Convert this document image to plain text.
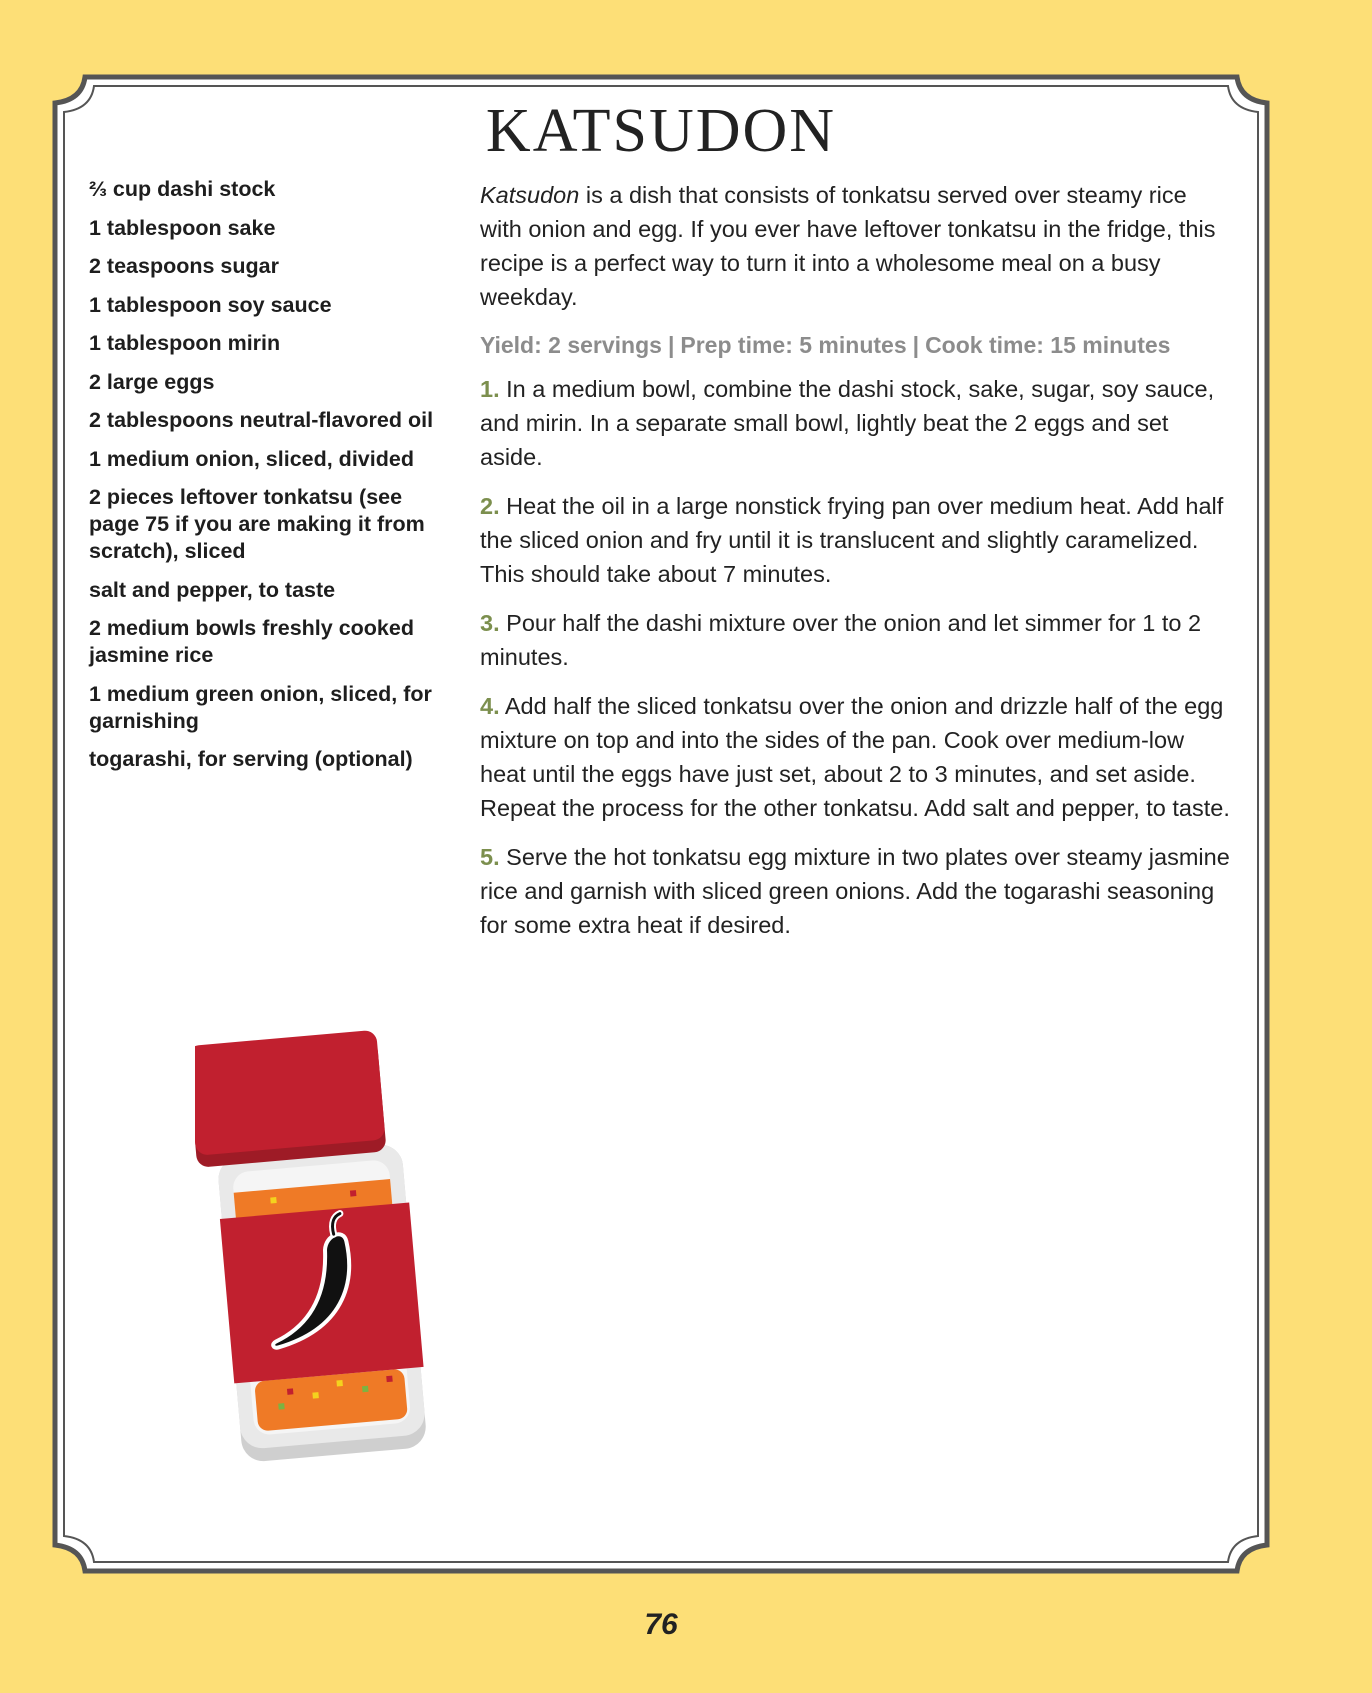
KATSUDON
⅔ cup dashi stock
1 tablespoon sake
2 teaspoons sugar
1 tablespoon soy sauce
1 tablespoon mirin
2 large eggs
2 tablespoons neutral-flavored oil
1 medium onion, sliced, divided
2 pieces leftover tonkatsu (see page 75 if you are making it from scratch), sliced
salt and pepper, to taste
2 medium bowls freshly cooked jasmine rice
1 medium green onion, sliced, for garnishing
togarashi, for serving (optional)

Katsudon is a dish that consists of tonkatsu served over steamy rice with onion and egg. If you ever have leftover tonkatsu in the fridge, this recipe is a perfect way to turn it into a wholesome meal on a busy weekday.

Yield: 2 servings | Prep time: 5 minutes | Cook time: 15 minutes

1. In a medium bowl, combine the dashi stock, sake, sugar, soy sauce, and mirin. In a separate small bowl, lightly beat the 2 eggs and set aside.

2. Heat the oil in a large nonstick frying pan over medium heat. Add half the sliced onion and fry until it is translucent and slightly caramelized. This should take about 7 minutes.

3. Pour half the dashi mixture over the onion and let simmer for 1 to 2 minutes.

4. Add half the sliced tonkatsu over the onion and drizzle half of the egg mixture on top and into the sides of the pan. Cook over medium-low heat until the eggs have just set, about 2 to 3 minutes, and set aside. Repeat the process for the other tonkatsu. Add salt and pepper, to taste.

5. Serve the hot tonkatsu egg mixture in two plates over steamy jasmine rice and garnish with sliced green onions. Add the togarashi seasoning for some extra heat if desired.

76
